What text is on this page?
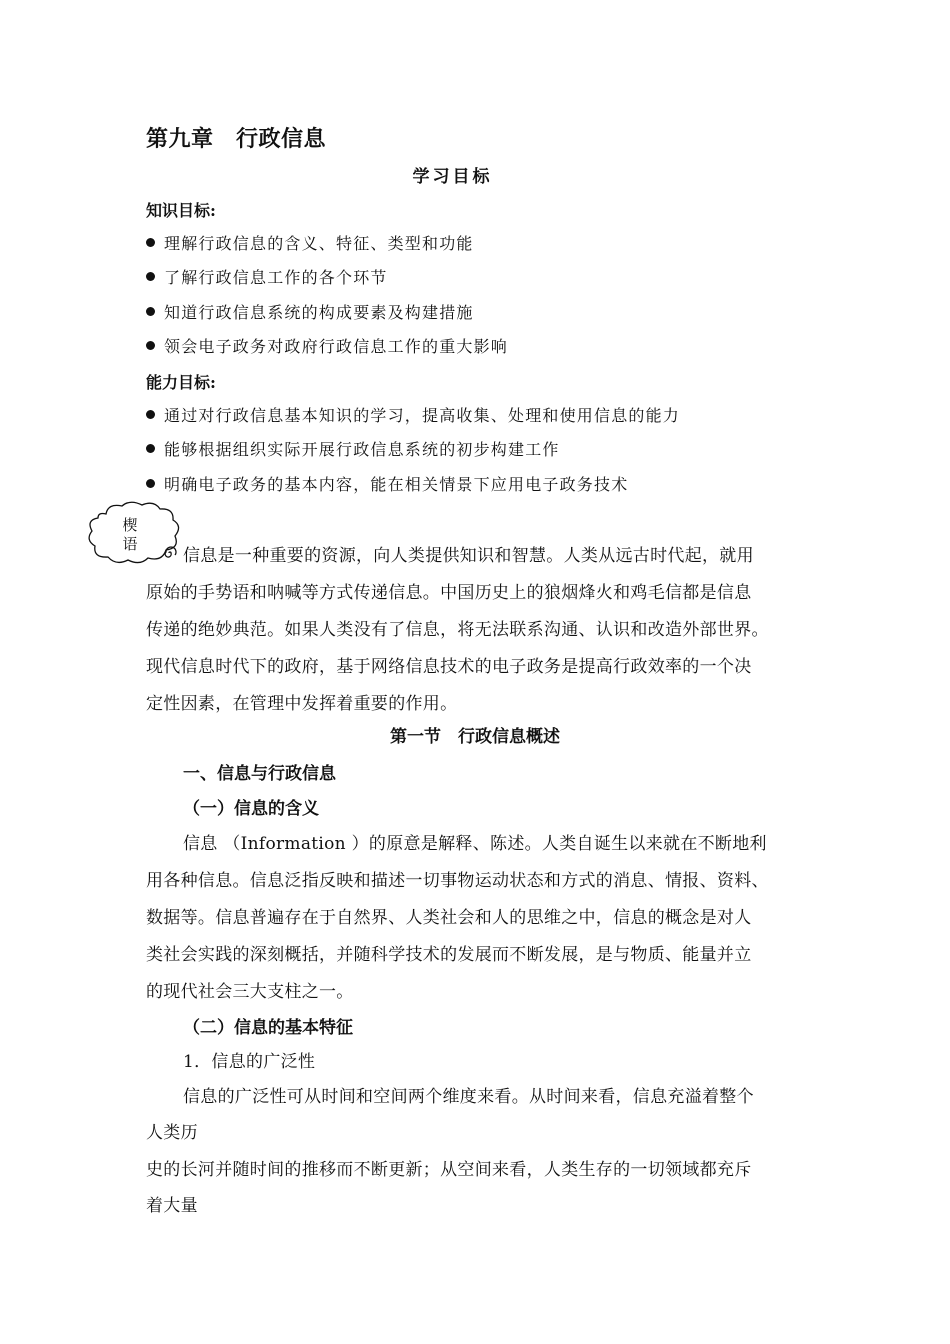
第九章　行政信息
学习目标
知识目标:
理解行政信息的含义、特征、类型和功能
了解行政信息工作的各个环节
知道行政信息系统的构成要素及构建措施
领会电子政务对政府行政信息工作的重大影响
能力目标:
通过对行政信息基本知识的学习，提高收集、处理和使用信息的能力
能够根据组织实际开展行政信息系统的初步构建工作
明确电子政务的基本内容，能在相关情景下应用电子政务技术
楔
语
信息是一种重要的资源，向人类提供知识和智慧。人类从远古时代起，就用
原始的手势语和呐喊等方式传递信息。中国历史上的狼烟烽火和鸡毛信都是信息
传递的绝妙典范。如果人类没有了信息，将无法联系沟通、认识和改造外部世界。
现代信息时代下的政府，基于网络信息技术的电子政务是提高行政效率的一个决
定性因素，在管理中发挥着重要的作用。
第一节　行政信息概述
一、信息与行政信息
（一）信息的含义
信息 （Information ）的原意是解释、陈述。人类自诞生以来就在不断地利
用各种信息。信息泛指反映和描述一切事物运动状态和方式的消息、情报、资料、
数据等。信息普遍存在于自然界、人类社会和人的思维之中，信息的概念是对人
类社会实践的深刻概括，并随科学技术的发展而不断发展，是与物质、能量并立
的现代社会三大支柱之一。
（二）信息的基本特征
1．信息的广泛性
信息的广泛性可从时间和空间两个维度来看。从时间来看，信息充溢着整个
人类历
史的长河并随时间的推移而不断更新；从空间来看，人类生存的一切领域都充斥
着大量
